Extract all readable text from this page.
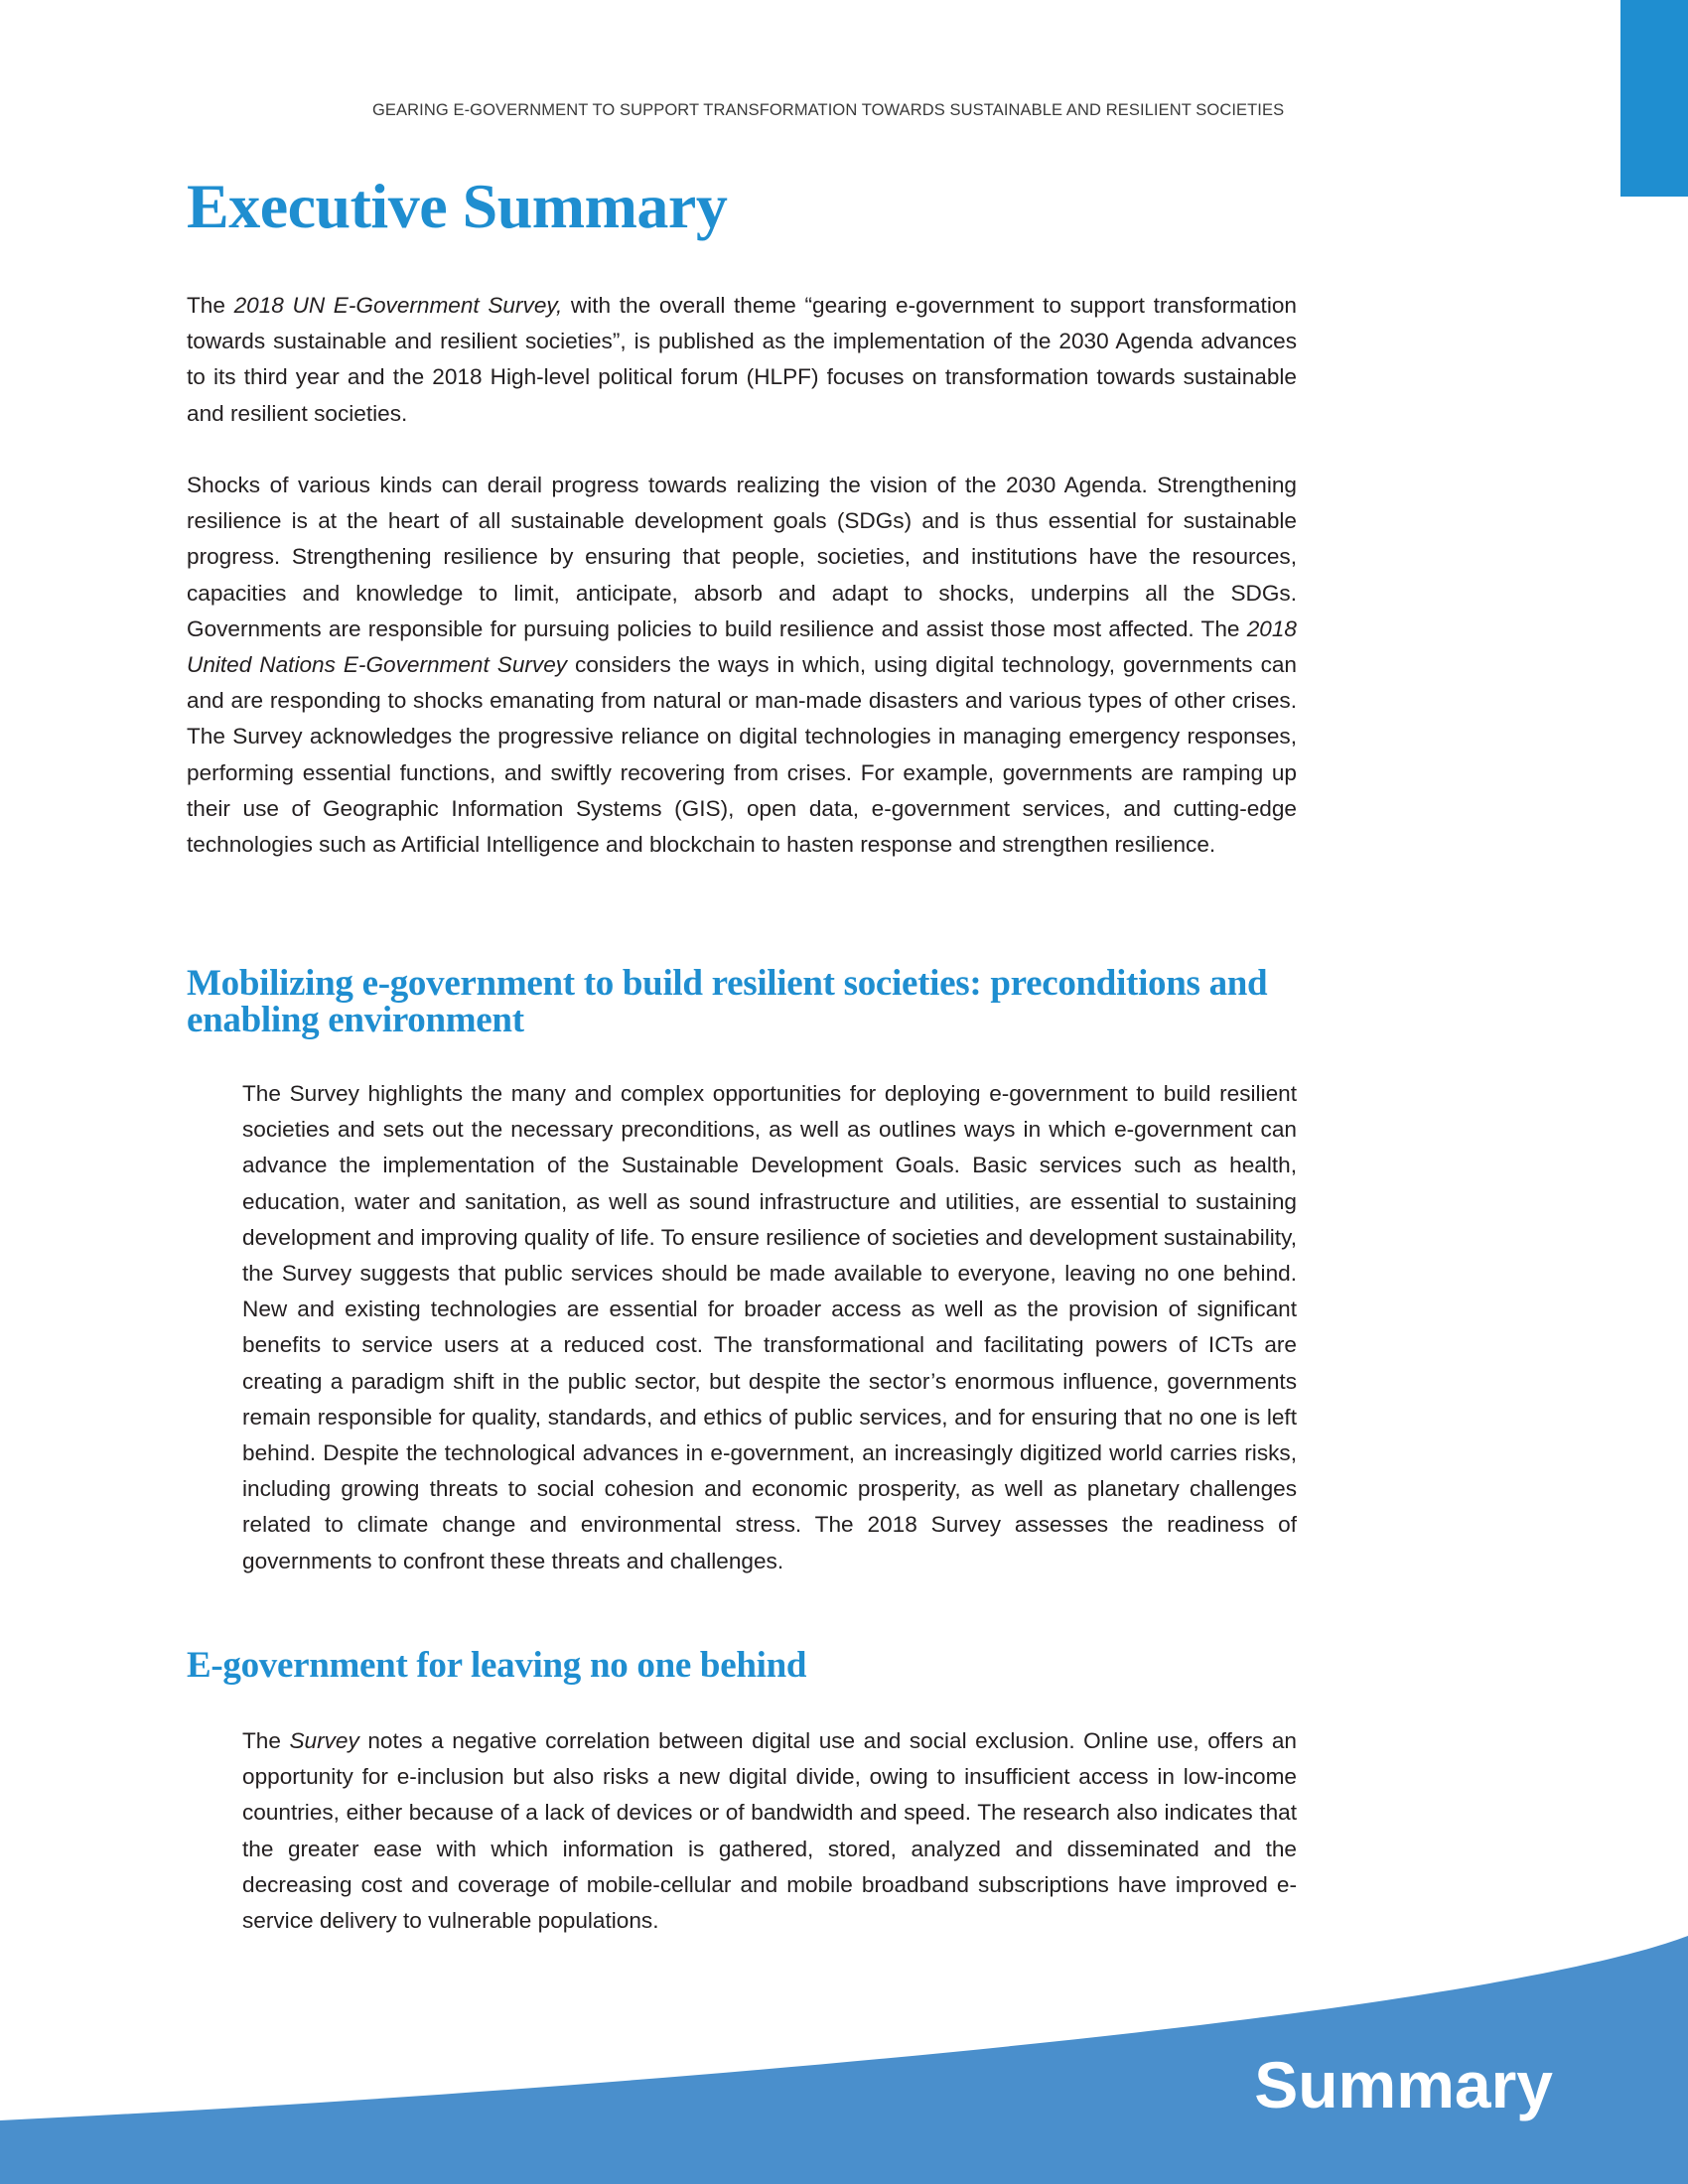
GEARING E-GOVERNMENT TO SUPPORT TRANSFORMATION TOWARDS SUSTAINABLE AND RESILIENT SOCIETIES
Executive Summary

The 2018 UN E-Government Survey, with the overall theme “gearing e-government to support transformation towards sustainable and resilient societies”, is published as the implementation of the 2030 Agenda advances to its third year and the 2018 High-level political forum (HLPF) focuses on transformation towards sustainable and resilient societies.

Shocks of various kinds can derail progress towards realizing the vision of the 2030 Agenda. Strengthening resilience is at the heart of all sustainable development goals (SDGs) and is thus essential for sustainable progress. Strengthening resilience by ensuring that people, societies, and institutions have the resources, capacities and knowledge to limit, anticipate, absorb and adapt to shocks, underpins all the SDGs. Governments are responsible for pursuing policies to build resilience and assist those most affected. The 2018 United Nations E-Government Survey considers the ways in which, using digital technology, governments can and are responding to shocks emanating from natural or man-made disasters and various types of other crises. The Survey acknowledges the progressive reliance on digital technologies in managing emergency responses, performing essential functions, and swiftly recovering from crises. For example, governments are ramping up their use of Geographic Information Systems (GIS), open data, e-government services, and cutting-edge technologies such as Artificial Intelligence and blockchain to hasten response and strengthen resilience.

Mobilizing e-government to build resilient societies: preconditions and enabling environment

The Survey highlights the many and complex opportunities for deploying e-government to build resilient societies and sets out the necessary preconditions, as well as outlines ways in which e-government can advance the implementation of the Sustainable Development Goals. Basic services such as health, education, water and sanitation, as well as sound infrastructure and utilities, are essential to sustaining development and improving quality of life. To ensure resilience of societies and development sustainability, the Survey suggests that public services should be made available to everyone, leaving no one behind. New and existing technologies are essential for broader access as well as the provision of significant benefits to service users at a reduced cost. The transformational and facilitating powers of ICTs are creating a paradigm shift in the public sector, but despite the sector’s enormous influence, governments remain responsible for quality, standards, and ethics of public services, and for ensuring that no one is left behind. Despite the technological advances in e-government, an increasingly digitized world carries risks, including growing threats to social cohesion and economic prosperity, as well as planetary challenges related to climate change and environmental stress. The 2018 Survey assesses the readiness of governments to confront these threats and challenges.

E-government for leaving no one behind

The Survey notes a negative correlation between digital use and social exclusion. Online use, offers an opportunity for e-inclusion but also risks a new digital divide, owing to insufficient access in low-income countries, either because of a lack of devices or of bandwidth and speed. The research also indicates that the greater ease with which information is gathered, stored, analyzed and disseminated and the decreasing cost and coverage of mobile-cellular and mobile broadband subscriptions have improved e-service delivery to vulnerable populations.

Summary
